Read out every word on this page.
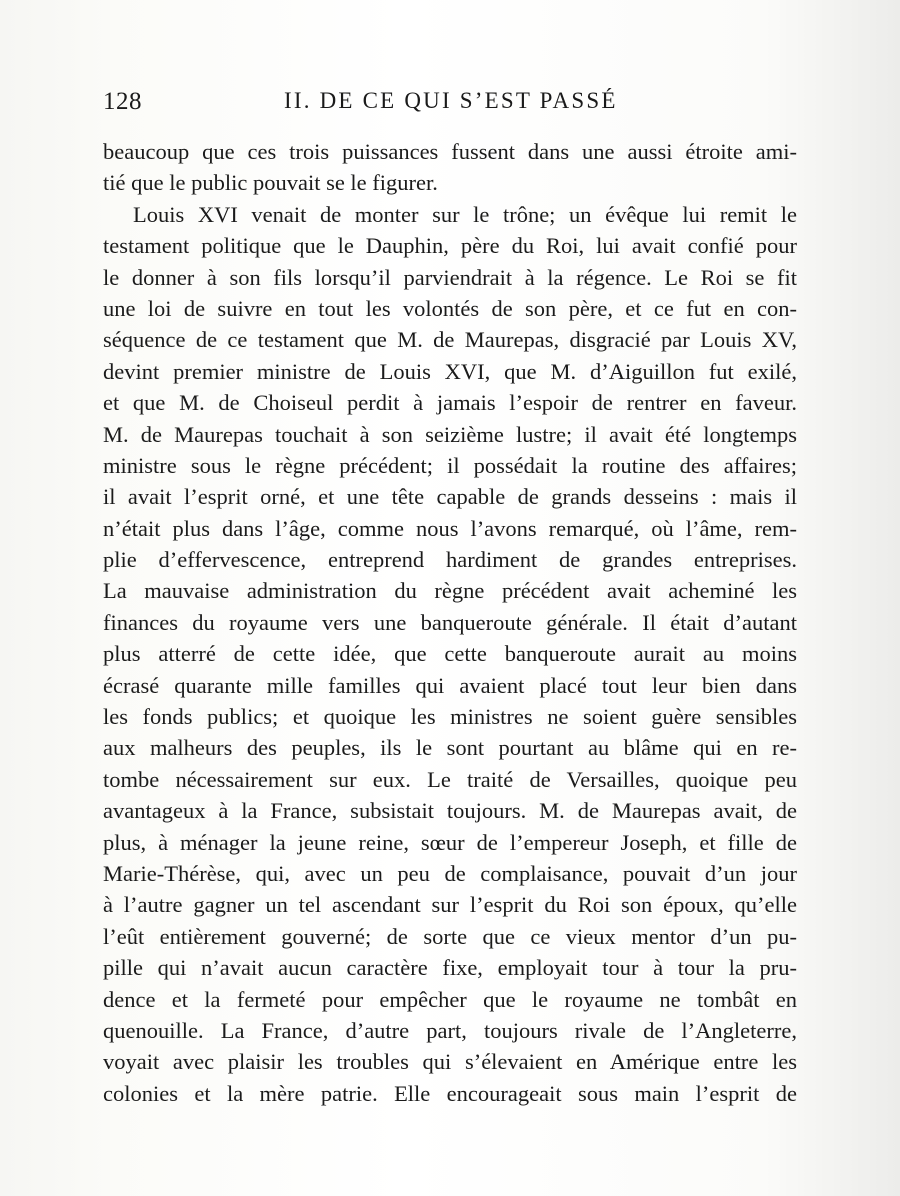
128	II. DE CE QUI S’EST PASSÉ
beaucoup que ces trois puissances fussent dans une aussi étroite ami-
tié que le public pouvait se le figurer.
Louis XVI venait de monter sur le trône; un évêque lui remit le
testament politique que le Dauphin, père du Roi, lui avait confié pour
le donner à son fils lorsqu’il parviendrait à la régence. Le Roi se fit
une loi de suivre en tout les volontés de son père, et ce fut en con-
séquence de ce testament que M. de Maurepas, disgracié par Louis XV,
devint premier ministre de Louis XVI, que M. d’Aiguillon fut exilé,
et que M. de Choiseul perdit à jamais l’espoir de rentrer en faveur.
M. de Maurepas touchait à son seizième lustre; il avait été longtemps
ministre sous le règne précédent; il possédait la routine des affaires;
il avait l’esprit orné, et une tête capable de grands desseins : mais il
n’était plus dans l’âge, comme nous l’avons remarqué, où l’âme, rem-
plie d’effervescence, entreprend hardiment de grandes entreprises.
La mauvaise administration du règne précédent avait acheminé les
finances du royaume vers une banqueroute générale. Il était d’autant
plus atterré de cette idée, que cette banqueroute aurait au moins
écrasé quarante mille familles qui avaient placé tout leur bien dans
les fonds publics; et quoique les ministres ne soient guère sensibles
aux malheurs des peuples, ils le sont pourtant au blâme qui en re-
tombe nécessairement sur eux. Le traité de Versailles, quoique peu
avantageux à la France, subsistait toujours. M. de Maurepas avait, de
plus, à ménager la jeune reine, sœur de l’empereur Joseph, et fille de
Marie-Thérèse, qui, avec un peu de complaisance, pouvait d’un jour
à l’autre gagner un tel ascendant sur l’esprit du Roi son époux, qu’elle
l’eût entièrement gouverné; de sorte que ce vieux mentor d’un pu-
pille qui n’avait aucun caractère fixe, employait tour à tour la pru-
dence et la fermeté pour empêcher que le royaume ne tombât en
quenouille. La France, d’autre part, toujours rivale de l’Angleterre,
voyait avec plaisir les troubles qui s’élevaient en Amérique entre les
colonies et la mère patrie. Elle encourageait sous main l’esprit de
